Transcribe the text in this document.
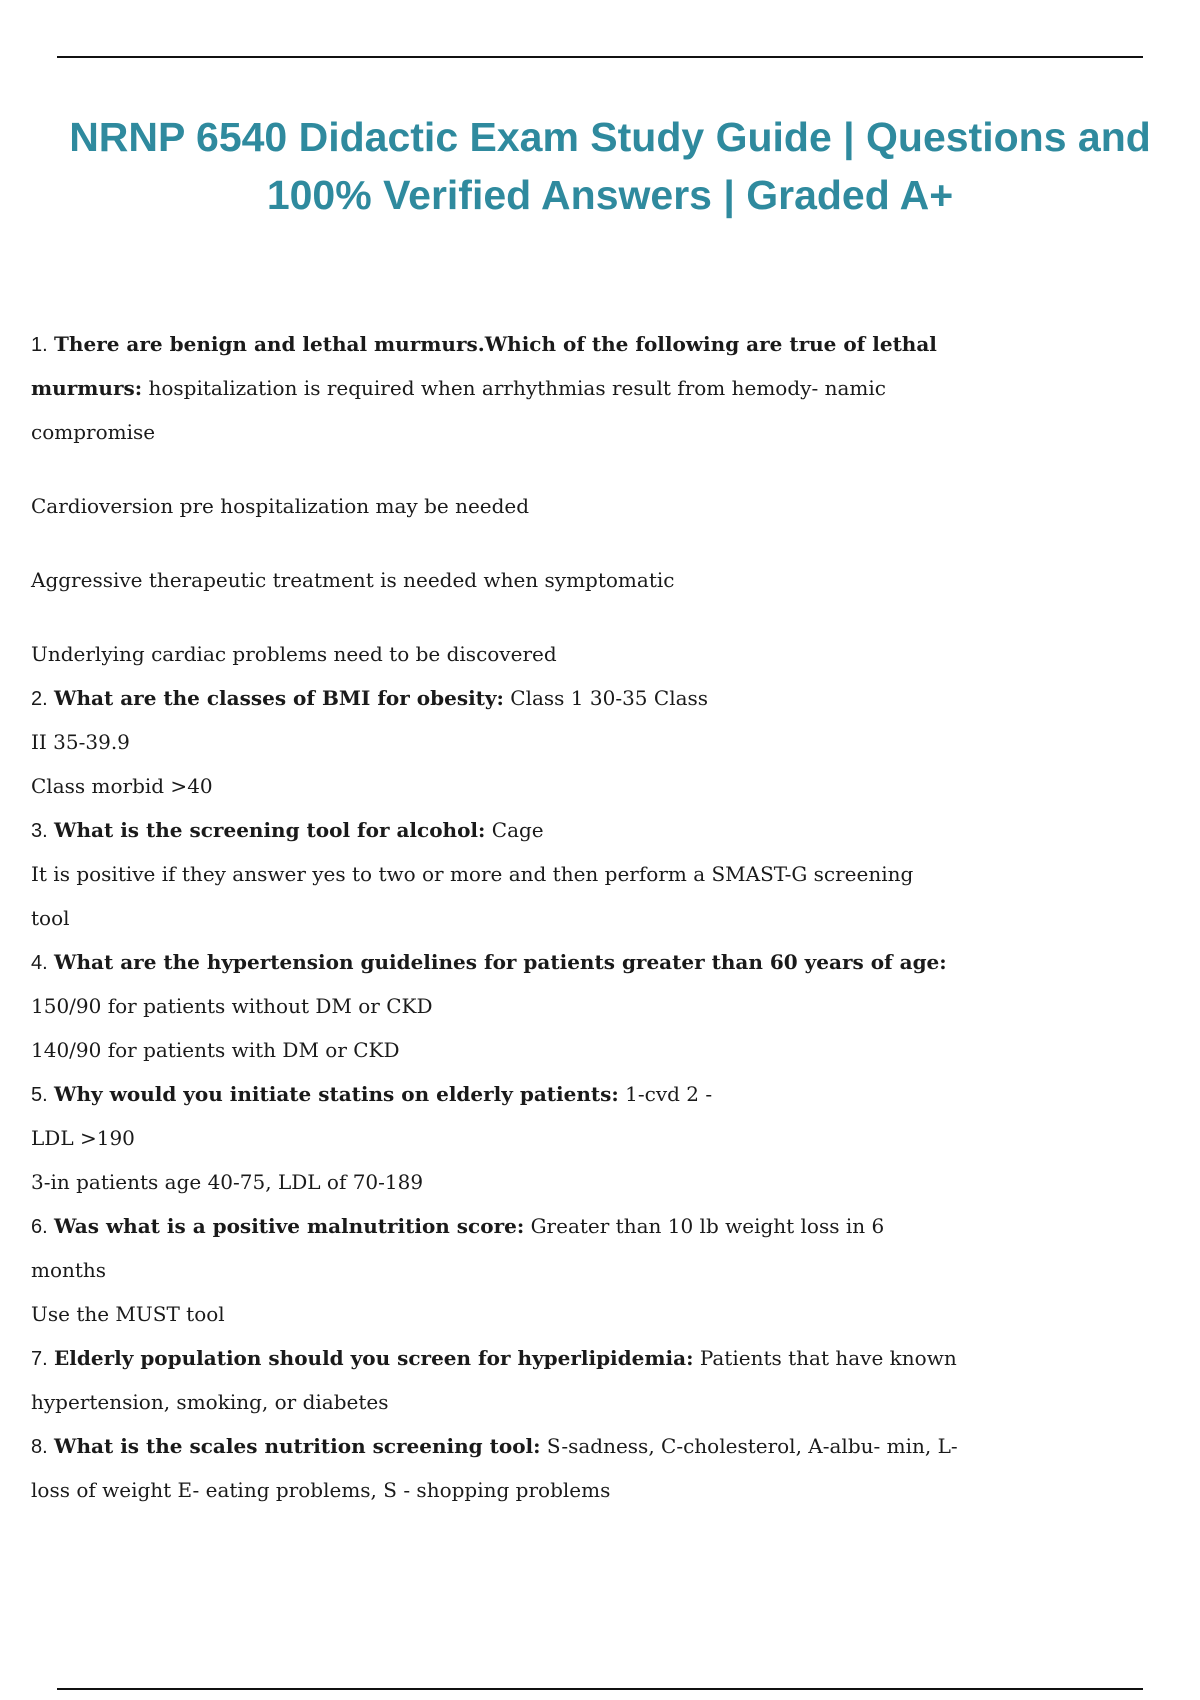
NRNP 6540 Didactic Exam Study Guide | Questions and
100% Verified Answers | Graded A+
1. There are benign and lethal murmurs.Which of the following are true of lethal
murmurs: hospitalization is required when arrhythmias result from hemody- namic
compromise
Cardioversion pre hospitalization may be needed
Aggressive therapeutic treatment is needed when symptomatic
Underlying cardiac problems need to be discovered
2. What are the classes of BMI for obesity: Class 1 30-35 Class
II 35-39.9
Class morbid >40
3. What is the screening tool for alcohol: Cage
It is positive if they answer yes to two or more and then perform a SMAST-G screening
tool
4. What are the hypertension guidelines for patients greater than 60 years of age:
150/90 for patients without DM or CKD
140/90 for patients with DM or CKD
5. Why would you initiate statins on elderly patients: 1-cvd 2 -
LDL >190
3-in patients age 40-75, LDL of 70-189
6. Was what is a positive malnutrition score: Greater than 10 lb weight loss in 6
months
Use the MUST tool
7. Elderly population should you screen for hyperlipidemia: Patients that have known
hypertension, smoking, or diabetes
8. What is the scales nutrition screening tool: S-sadness, C-cholesterol, A-albu- min, L-
loss of weight E- eating problems, S - shopping problems
